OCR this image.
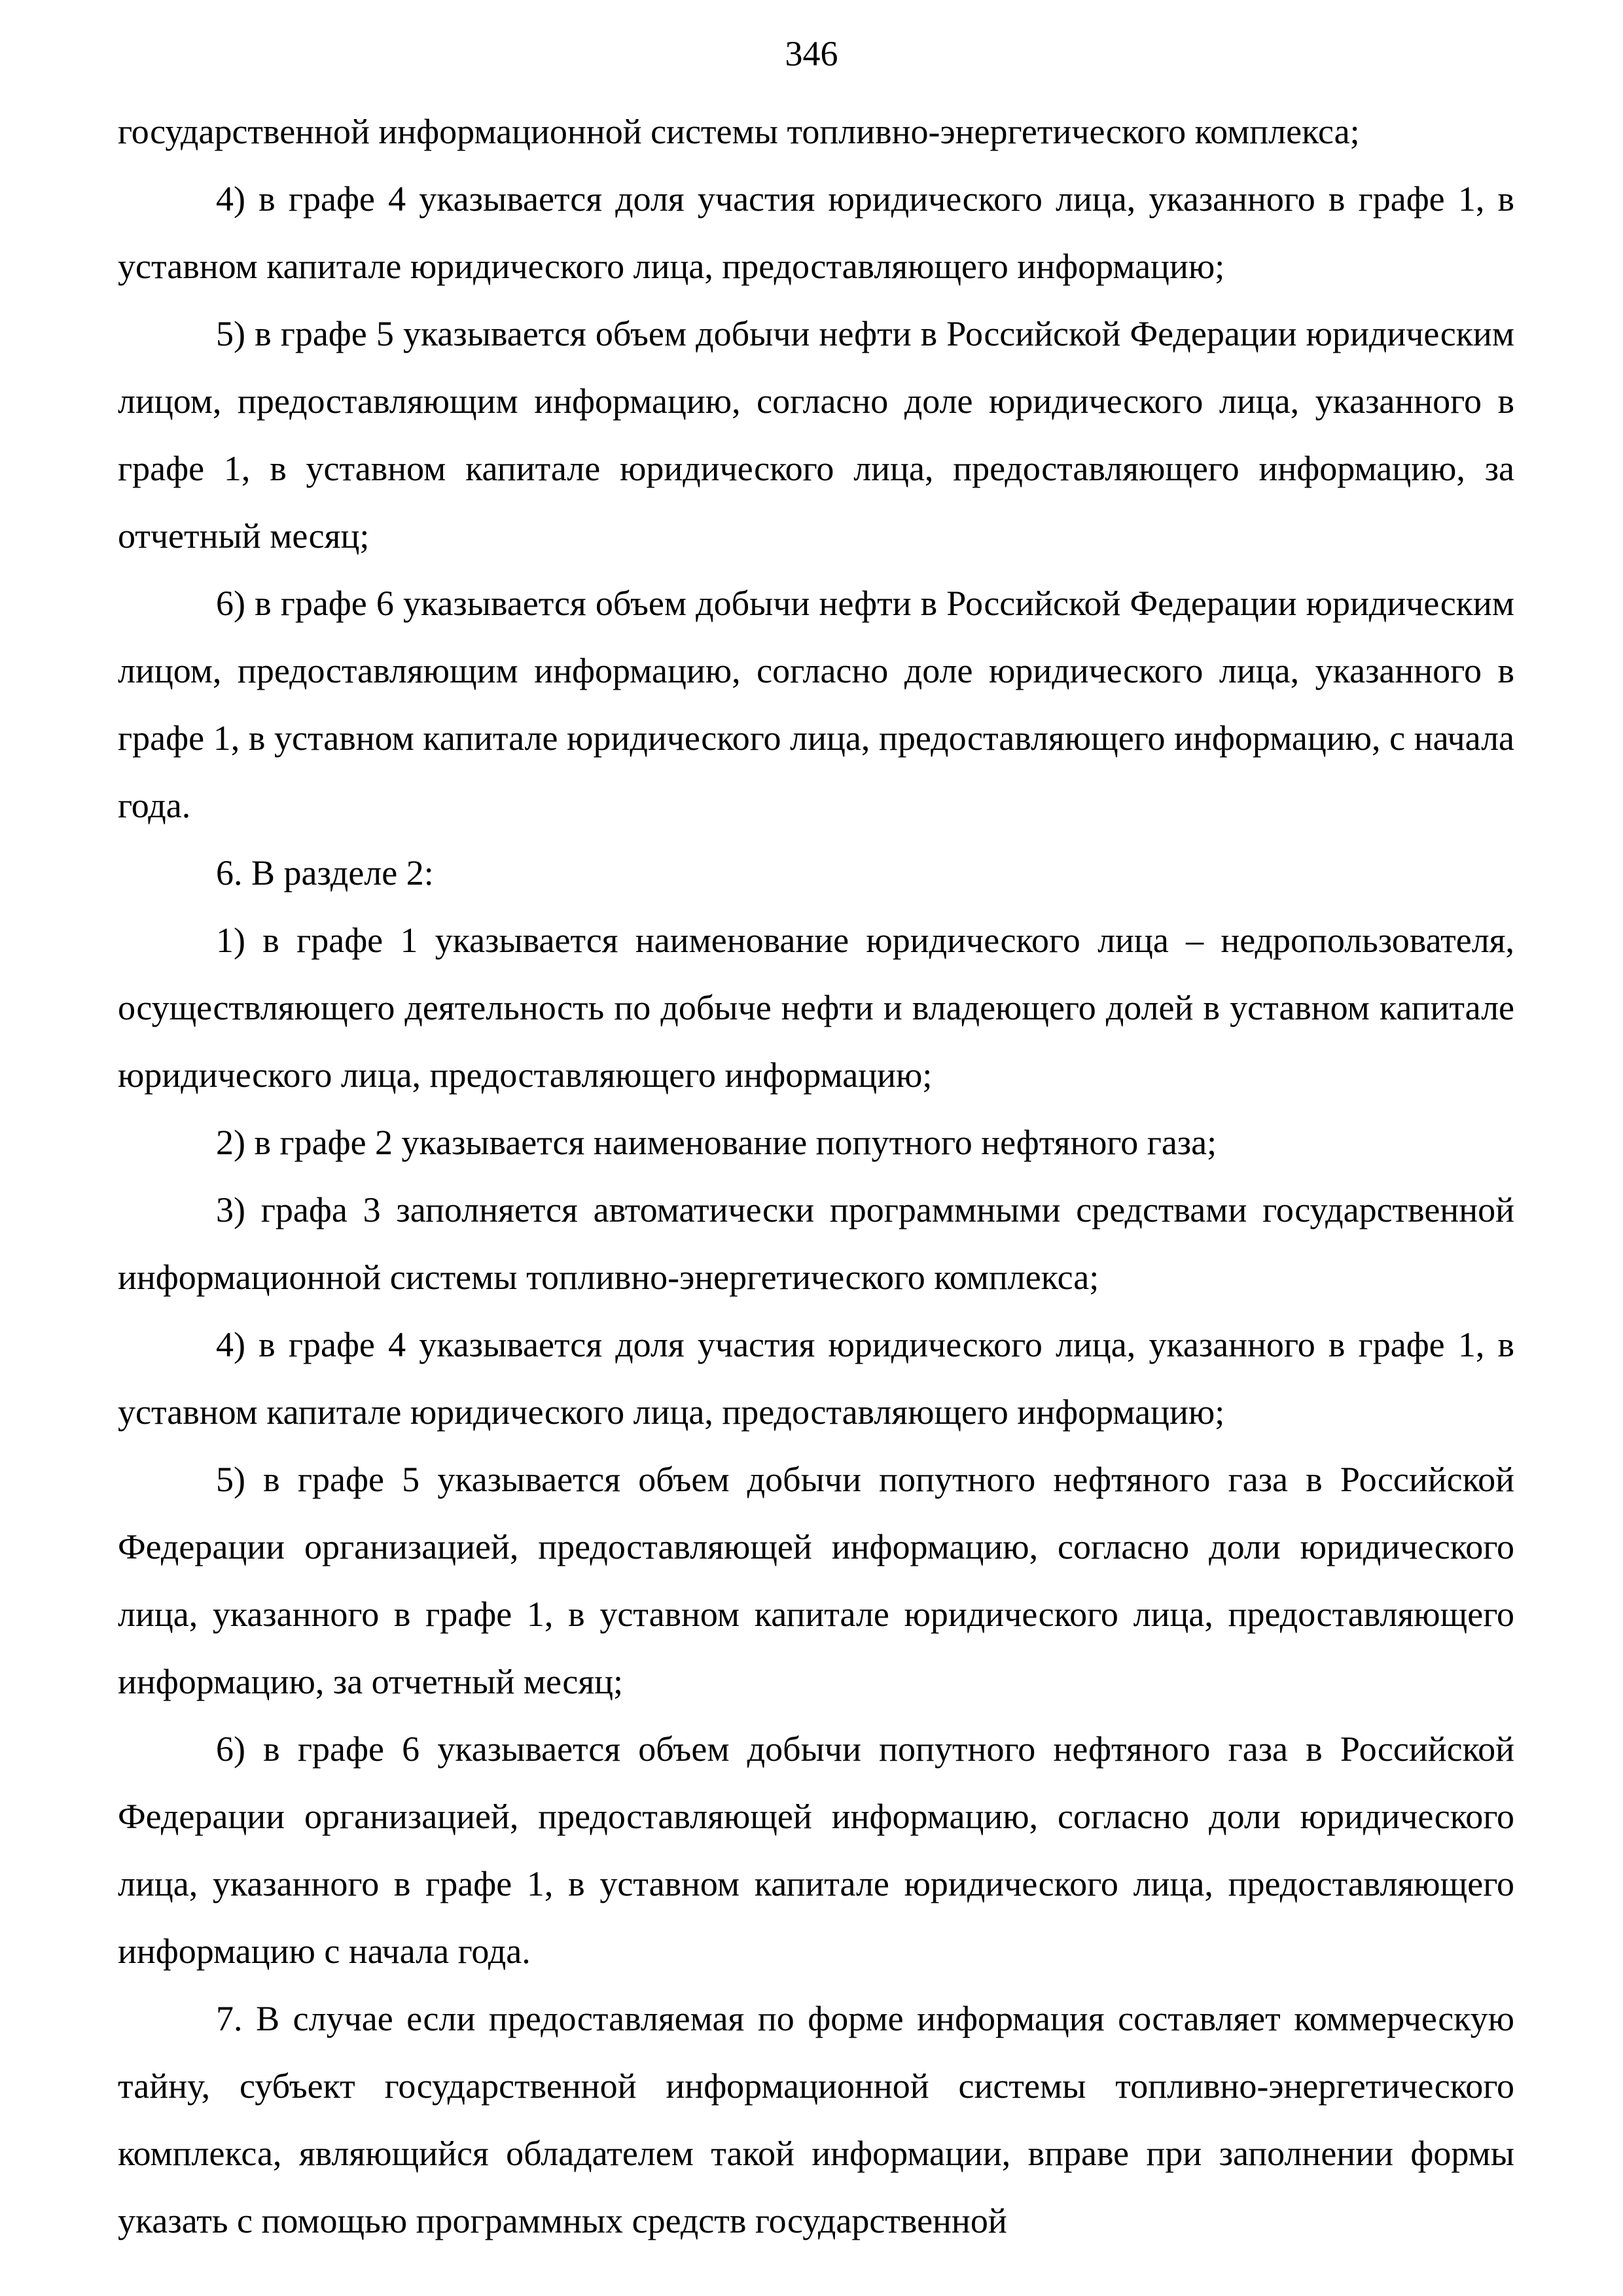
346

государственной информационной системы топливно-энергетического комплекса;

4) в графе 4 указывается доля участия юридического лица, указанного в графе 1, в уставном капитале юридического лица, предоставляющего информацию;

5) в графе 5 указывается объем добычи нефти в Российской Федерации юридическим лицом, предоставляющим информацию, согласно доле юридического лица, указанного в графе 1, в уставном капитале юридического лица, предоставляющего информацию, за отчетный месяц;

6) в графе 6 указывается объем добычи нефти в Российской Федерации юридическим лицом, предоставляющим информацию, согласно доле юридического лица, указанного в графе 1, в уставном капитале юридического лица, предоставляющего информацию, с начала года.

6. В разделе 2:

1) в графе 1 указывается наименование юридического лица – недропользователя, осуществляющего деятельность по добыче нефти и владеющего долей в уставном капитале юридического лица, предоставляющего информацию;

2) в графе 2 указывается наименование попутного нефтяного газа;

3) графа 3 заполняется автоматически программными средствами государственной информационной системы топливно-энергетического комплекса;

4) в графе 4 указывается доля участия юридического лица, указанного в графе 1, в уставном капитале юридического лица, предоставляющего информацию;

5) в графе 5 указывается объем добычи попутного нефтяного газа в Российской Федерации организацией, предоставляющей информацию, согласно доли юридического лица, указанного в графе 1, в уставном капитале юридического лица, предоставляющего информацию, за отчетный месяц;

6) в графе 6 указывается объем добычи попутного нефтяного газа в Российской Федерации организацией, предоставляющей информацию, согласно доли юридического лица, указанного в графе 1, в уставном капитале юридического лица, предоставляющего информацию с начала года.

7. В случае если предоставляемая по форме информация составляет коммерческую тайну, субъект государственной информационной системы топливно-энергетического комплекса, являющийся обладателем такой информации, вправе при заполнении формы указать с помощью программных средств государственной
